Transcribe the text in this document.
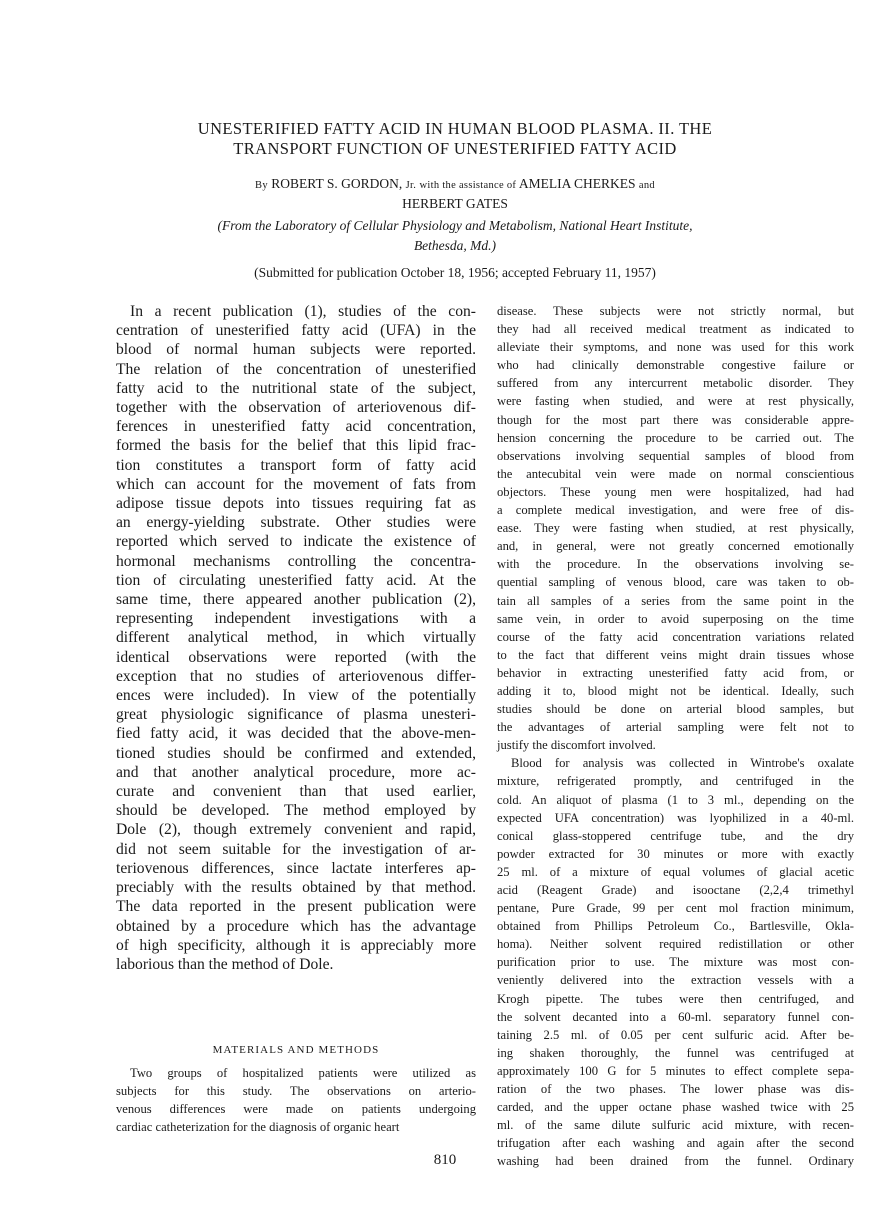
UNESTERIFIED FATTY ACID IN HUMAN BLOOD PLASMA. II. THE
TRANSPORT FUNCTION OF UNESTERIFIED FATTY ACID
By ROBERT S. GORDON, Jr. with the assistance of AMELIA CHERKES and
HERBERT GATES
(From the Laboratory of Cellular Physiology and Metabolism, National Heart Institute,
Bethesda, Md.)
(Submitted for publication October 18, 1956; accepted February 11, 1957)
In a recent publication (1), studies of the con-
centration of unesterified fatty acid (UFA) in the
blood of normal human subjects were reported.
The relation of the concentration of unesterified
fatty acid to the nutritional state of the subject,
together with the observation of arteriovenous dif-
ferences in unesterified fatty acid concentration,
formed the basis for the belief that this lipid frac-
tion constitutes a transport form of fatty acid
which can account for the movement of fats from
adipose tissue depots into tissues requiring fat as
an energy-yielding substrate. Other studies were
reported which served to indicate the existence of
hormonal mechanisms controlling the concentra-
tion of circulating unesterified fatty acid. At the
same time, there appeared another publication (2),
representing independent investigations with a
different analytical method, in which virtually
identical observations were reported (with the
exception that no studies of arteriovenous differ-
ences were included). In view of the potentially
great physiologic significance of plasma unesteri-
fied fatty acid, it was decided that the above-men-
tioned studies should be confirmed and extended,
and that another analytical procedure, more ac-
curate and convenient than that used earlier,
should be developed. The method employed by
Dole (2), though extremely convenient and rapid,
did not seem suitable for the investigation of ar-
teriovenous differences, since lactate interferes ap-
preciably with the results obtained by that method.
The data reported in the present publication were
obtained by a procedure which has the advantage
of high specificity, although it is appreciably more
laborious than the method of Dole.
MATERIALS AND METHODS
Two groups of hospitalized patients were utilized as
subjects for this study. The observations on arterio-
venous differences were made on patients undergoing
cardiac catheterization for the diagnosis of organic heart
disease. These subjects were not strictly normal, but
they had all received medical treatment as indicated to
alleviate their symptoms, and none was used for this work
who had clinically demonstrable congestive failure or
suffered from any intercurrent metabolic disorder. They
were fasting when studied, and were at rest physically,
though for the most part there was considerable appre-
hension concerning the procedure to be carried out. The
observations involving sequential samples of blood from
the antecubital vein were made on normal conscientious
objectors. These young men were hospitalized, had had
a complete medical investigation, and were free of dis-
ease. They were fasting when studied, at rest physically,
and, in general, were not greatly concerned emotionally
with the procedure. In the observations involving se-
quential sampling of venous blood, care was taken to ob-
tain all samples of a series from the same point in the
same vein, in order to avoid superposing on the time
course of the fatty acid concentration variations related
to the fact that different veins might drain tissues whose
behavior in extracting unesterified fatty acid from, or
adding it to, blood might not be identical. Ideally, such
studies should be done on arterial blood samples, but
the advantages of arterial sampling were felt not to
justify the discomfort involved.
Blood for analysis was collected in Wintrobe's oxalate
mixture, refrigerated promptly, and centrifuged in the
cold. An aliquot of plasma (1 to 3 ml., depending on the
expected UFA concentration) was lyophilized in a 40-ml.
conical glass-stoppered centrifuge tube, and the dry
powder extracted for 30 minutes or more with exactly
25 ml. of a mixture of equal volumes of glacial acetic
acid (Reagent Grade) and isooctane (2,2,4 trimethyl
pentane, Pure Grade, 99 per cent mol fraction minimum,
obtained from Phillips Petroleum Co., Bartlesville, Okla-
homa). Neither solvent required redistillation or other
purification prior to use. The mixture was most con-
veniently delivered into the extraction vessels with a
Krogh pipette. The tubes were then centrifuged, and
the solvent decanted into a 60-ml. separatory funnel con-
taining 2.5 ml. of 0.05 per cent sulfuric acid. After be-
ing shaken thoroughly, the funnel was centrifuged at
approximately 100 G for 5 minutes to effect complete sepa-
ration of the two phases. The lower phase was dis-
carded, and the upper octane phase washed twice with 25
ml. of the same dilute sulfuric acid mixture, with recen-
trifugation after each washing and again after the second
washing had been drained from the funnel. Ordinary
810
